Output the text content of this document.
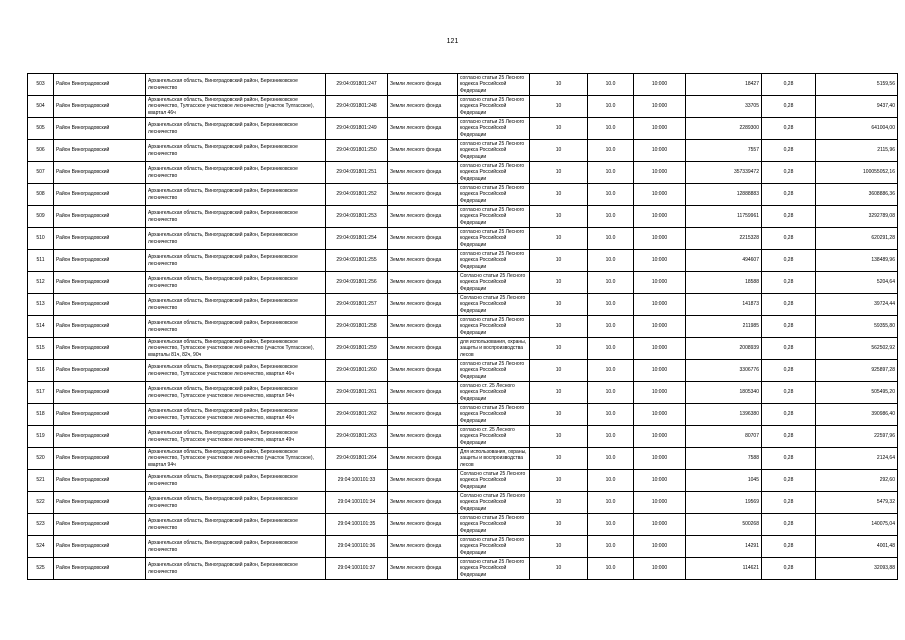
121
503	Район Виноградовский	Архангельская область, Виноградовский район, Березниковское лесничество	29:04:091801:247	Земли лесного фонда	согласно статьи 25 Лесного кодекса Российской Федерации	10	10.0	10:000	18427	0,28	5159,56
504	Район Виноградовский	Архангельская область, Виноградовский район, Березниковское лесничество, Тулгасское участковое лесничество (участок Тулгасское), квартал 46ч	29:04:091801:248	Земли лесного фонда	согласно статьи 25 Лесного кодекса Российской Федерации	10	10.0	10:000	33705	0,28	9437,40
505	Район Виноградовский	Архангельская область, Виноградовский район, Березниковское лесничество	29:04:091801:249	Земли лесного фонда	согласно статьи 25 Лесного кодекса Российской Федерации	10	10.0	10:000	2289300	0,28	641004,00
506	Район Виноградовский	Архангельская область, Виноградовский район, Березниковское лесничество	29:04:091801:250	Земли лесного фонда	согласно статьи 25 Лесного кодекса Российской Федерации	10	10.0	10:000	7557	0,28	2115,96
507	Район Виноградовский	Архангельская область, Виноградовский район, Березниковское лесничество	29:04:091801:251	Земли лесного фонда	согласно статьи 25 Лесного кодекса Российской Федерации	10	10.0	10:000	357339472	0,28	100055052,16
508	Район Виноградовский	Архангельская область, Виноградовский район, Березниковское лесничество	29:04:091801:252	Земли лесного фонда	согласно статьи 25 Лесного кодекса Российской Федерации	10	10.0	10:000	12888883	0,28	3608886,36
509	Район Виноградовский	Архангельская область, Виноградовский район, Березниковское лесничество	29:04:091801:253	Земли лесного фонда	согласно статьи 25 Лесного кодекса Российской Федерации	10	10.0	10:000	11759961	0,28	3292789,08
510	Район Виноградовский	Архангельская область, Виноградовский район, Березниковское лесничество	29:04:091801:254	Земли лесного фонда	согласно статьи 25 Лесного кодекса Российской Федерации	10	10.0	10:000	2215328	0,28	620291,28
511	Район Виноградовский	Архангельская область, Виноградовский район, Березниковское лесничество	29:04:091801:255	Земли лесного фонда	согласно статьи 25 Лесного кодекса Российской Федерации	10	10.0	10:000	494607	0,28	138489,96
512	Район Виноградовский	Архангельская область, Виноградовский район, Березниковское лесничество	29:04:091801:256	Земли лесного фонда	Согласно статьи 25 Лесного кодекса Российской Федерации	10	10.0	10:000	18588	0,28	5204,64
513	Район Виноградовский	Архангельская область, Виноградовский район, Березниковское лесничество	29:04:091801:257	Земли лесного фонда	Согласно статьи 25 Лесного кодекса Российской Федерации	10	10.0	10:000	141873	0,28	39724,44
514	Район Виноградовский	Архангельская область, Виноградовский район, Березниковское лесничество	29:04:091801:258	Земли лесного фонда	согласно статьи 25 Лесного кодекса Российской Федерации	10	10.0	10:000	211985	0,28	59355,80
515	Район Виноградовский	Архангельская область, Виноградовский район, Березниковское лесничество, Тулгасское участковое лесничество (участок Тулгасское), кварталы 81ч, 82ч, 90ч	29:04:091801:259	Земли лесного фонда	для использования, охраны, защиты и воспроизводства лесов	10	10.0	10:000	2008939	0,28	562502,92
516	Район Виноградовский	Архангельская область, Виноградовский район, Березниковское лесничество, Тулгасское участковое лесничество, квартал 46ч	29:04:091801:260	Земли лесного фонда	согласно статьи 25 Лесного кодекса Российской Федерации	10	10.0	10:000	3306776	0,28	925897,28
517	Район Виноградовский	Архангельская область, Виноградовский район, Березниковское лесничество, Тулгасское участковое лесничество, квартал 94ч	29:04:091801:261	Земли лесного фонда	согласно ст. 25 Лесного кодекса Российской Федерации	10	10.0	10:000	1805340	0,28	505495,20
518	Район Виноградовский	Архангельская область, Виноградовский район, Березниковское лесничество, Тулгасское участковое лесничество, квартал 46ч	29:04:091801:262	Земли лесного фонда	согласно статьи 25 Лесного кодекса Российской Федерации	10	10.0	10:000	1396380	0,28	390986,40
519	Район Виноградовский	Архангельская область, Виноградовский район, Березниковское лесничество, Тулгасское участковое лесничество, квартал 49ч	29:04:091801:263	Земли лесного фонда	согласно ст. 25 Лесного кодекса Российской Федерации	10	10.0	10:000	80707	0,28	22597,96
520	Район Виноградовский	Архангельская область, Виноградовский район, Березниковское лесничество, Тулгасское участковое лесничество (участок Тулгасское), квартал 94ч	29:04:091801:264	Земли лесного фонда	Для использования, охраны, защиты и воспроизводства лесов	10	10.0	10:000	7588	0,28	2124,64
521	Район Виноградовский	Архангельская область, Виноградовский район, Березниковское лесничество	29:04:100101:33	Земли лесного фонда	Согласно статьи 25 Лесного кодекса Российской Федерации	10	10.0	10:000	1045	0,28	292,60
522	Район Виноградовский	Архангельская область, Виноградовский район, Березниковское лесничество	29:04:100101:34	Земли лесного фонда	Согласно статьи 25 Лесного кодекса Российской Федерации	10	10.0	10:000	19569	0,28	5479,32
523	Район Виноградовский	Архангельская область, Виноградовский район, Березниковское лесничество	29:04:100101:35	Земли лесного фонда	согласно статьи 25 Лесного кодекса Российской Федерации	10	10.0	10:000	500268	0,28	140075,04
524	Район Виноградовский	Архангельская область, Виноградовский район, Березниковское лесничество	29:04:100101:36	Земли лесного фонда	согласно статьи 25 Лесного кодекса Российской Федерации	10	10.0	10:000	14291	0,28	4001,48
525	Район Виноградовский	Архангельская область, Виноградовский район, Березниковское лесничество	29:04:100101:37	Земли лесного фонда	согласно статьи 25 Лесного кодекса Российской Федерации	10	10.0	10:000	114621	0,28	32093,88
